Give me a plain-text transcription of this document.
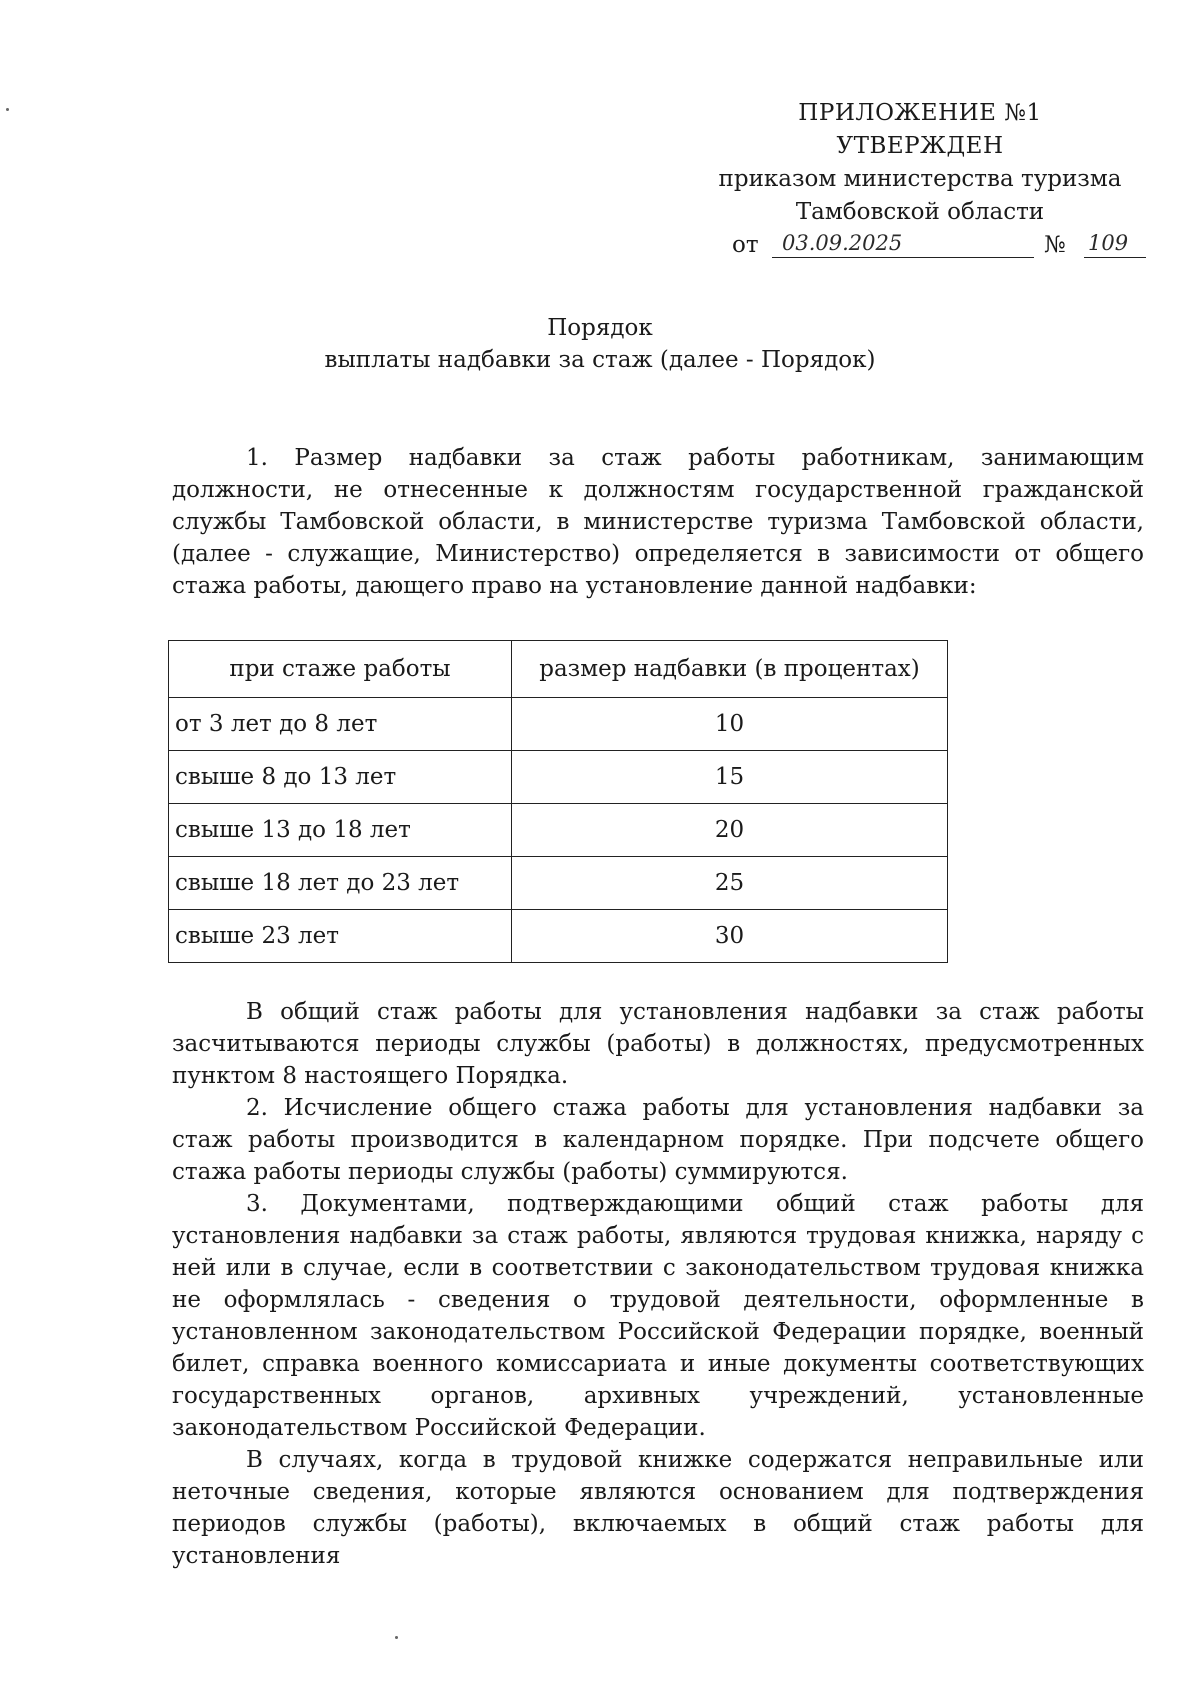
ПРИЛОЖЕНИЕ №1
УТВЕРЖДЕН
приказом министерства туризма
Тамбовской области
от 03.09.2025	№ 109
Порядок
выплаты надбавки за стаж (далее - Порядок)

1. Размер надбавки за стаж работы работникам, занимающим должности, не отнесенные к должностям государственной гражданской службы Тамбовской области, в министерстве туризма Тамбовской области, (далее - служащие, Министерство) определяется в зависимости от общего стажа работы, дающего право на установление данной надбавки:

при стаже работы	размер надбавки (в процентах)
от 3 лет до 8 лет	10
свыше 8 до 13 лет	15
свыше 13 до 18 лет	20
свыше 18 лет до 23 лет	25
свыше 23 лет	30

В общий стаж работы для установления надбавки за стаж работы засчитываются периоды службы (работы) в должностях, предусмотренных пунктом 8 настоящего Порядка.

2. Исчисление общего стажа работы для установления надбавки за стаж работы производится в календарном порядке. При подсчете общего стажа работы периоды службы (работы) суммируются.

3. Документами, подтверждающими общий стаж работы для установления надбавки за стаж работы, являются трудовая книжка, наряду с ней или в случае, если в соответствии с законодательством трудовая книжка не оформлялась - сведения о трудовой деятельности, оформленные в установленном законодательством Российской Федерации порядке, военный билет, справка военного комиссариата и иные документы соответствующих государственных органов, архивных учреждений, установленные законодательством Российской Федерации.

В случаях, когда в трудовой книжке содержатся неправильные или неточные сведения, которые являются основанием для подтверждения периодов службы (работы), включаемых в общий стаж работы для установления
